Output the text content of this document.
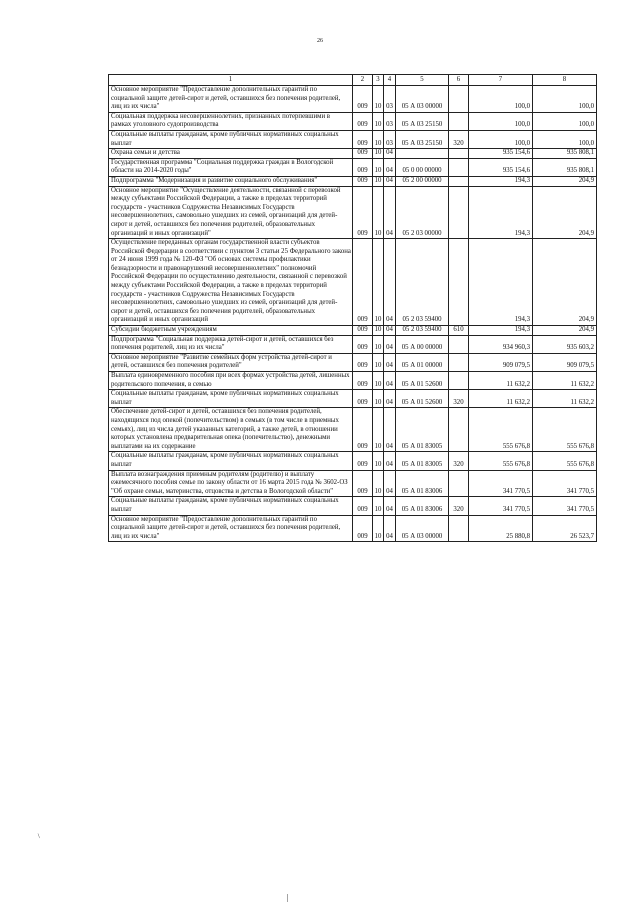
26
1	2	3	4	5	6	7	8
Основное мероприятие "Предоставление дополнительных гарантий по социальной защите детей-сирот и детей, оставшихся без попечения родителей, лиц из их числа"	009	10	03	05 А 03 00000		100,0	100,0
Социальная поддержка несовершеннолетних, признанных потерпевшими в рамках уголовного судопроизводства	009	10	03	05 А 03 25150		100,0	100,0
Социальные выплаты гражданам, кроме публичных нормативных социальных выплат	009	10	03	05 А 03 25150	320	100,0	100,0
Охрана семьи и детства	009	10	04			935 154,6	935 808,1
Государственная программа "Социальная поддержка граждан в Вологодской области на 2014-2020 годы"	009	10	04	05 0 00 00000		935 154,6	935 808,1
Подпрограмма "Модернизация и развитие социального обслуживания"	009	10	04	05 2 00 00000		194,3	204,9
Основное мероприятие "Осуществление деятельности, связанной с перевозкой между субъектами Российской Федерации, а также в пределах территорий государств - участников Содружества Независимых Государств несовершеннолетних, самовольно ушедших из семей, организаций для детей-сирот и детей, оставшихся без попечения родителей, образовательных организаций и иных организаций"	009	10	04	05 2 03 00000		194,3	204,9
Осуществление переданных органам государственной власти субъектов Российской Федерации в соответствии с пунктом 3 статьи 25 Федерального закона от 24 июня 1999 года № 120-ФЗ "Об основах системы профилактики безнадзорности и правонарушений несовершеннолетних" полномочий Российской Федерации по осуществлению деятельности, связанной с перевозкой между субъектами Российской Федерации, а также в пределах территорий государств - участников Содружества Независимых Государств несовершеннолетних, самовольно ушедших из семей, организаций для детей-сирот и детей, оставшихся без попечения родителей, образовательных организаций и иных организаций	009	10	04	05 2 03 59400		194,3	204,9
Субсидии бюджетным учреждениям	009	10	04	05 2 03 59400	610	194,3	204,9
Подпрограмма "Социальная поддержка детей-сирот и детей, оставшихся без попечения родителей, лиц из их числа"	009	10	04	05 А 00 00000		934 960,3	935 603,2
Основное мероприятие "Развитие семейных форм устройства детей-сирот и детей, оставшихся без попечения родителей"	009	10	04	05 А 01 00000		909 079,5	909 079,5
Выплата единовременного пособия при всех формах устройства детей, лишенных родительского попечения, в семью	009	10	04	05 А 01 52600		11 632,2	11 632,2
Социальные выплаты гражданам, кроме публичных нормативных социальных выплат	009	10	04	05 А 01 52600	320	11 632,2	11 632,2
Обеспечение детей-сирот и детей, оставшихся без попечения родителей, находящихся под опекой (попечительством) в семьях (в том числе в приемных семьях), лиц из числа детей указанных категорий, а также детей, в отношении которых установлена предварительная опека (попечительство), денежными выплатами на их содержание	009	10	04	05 А 01 83005		555 676,8	555 676,8
Социальные выплаты гражданам, кроме публичных нормативных социальных выплат	009	10	04	05 А 01 83005	320	555 676,8	555 676,8
Выплата вознаграждения приемным родителям (родителю) и выплату ежемесячного пособия семье по закону области от 16 марта 2015 года № 3602-ОЗ "Об охране семьи, материнства, отцовства и детства в Вологодской области"	009	10	04	05 А 01 83006		341 770,5	341 770,5
Социальные выплаты гражданам, кроме публичных нормативных социальных выплат	009	10	04	05 А 01 83006	320	341 770,5	341 770,5
Основное мероприятие "Предоставление дополнительных гарантий по социальной защите детей-сирот и детей, оставшихся без попечения родителей, лиц из их числа"	009	10	04	05 А 03 00000		25 880,8	26 523,7
/
|
